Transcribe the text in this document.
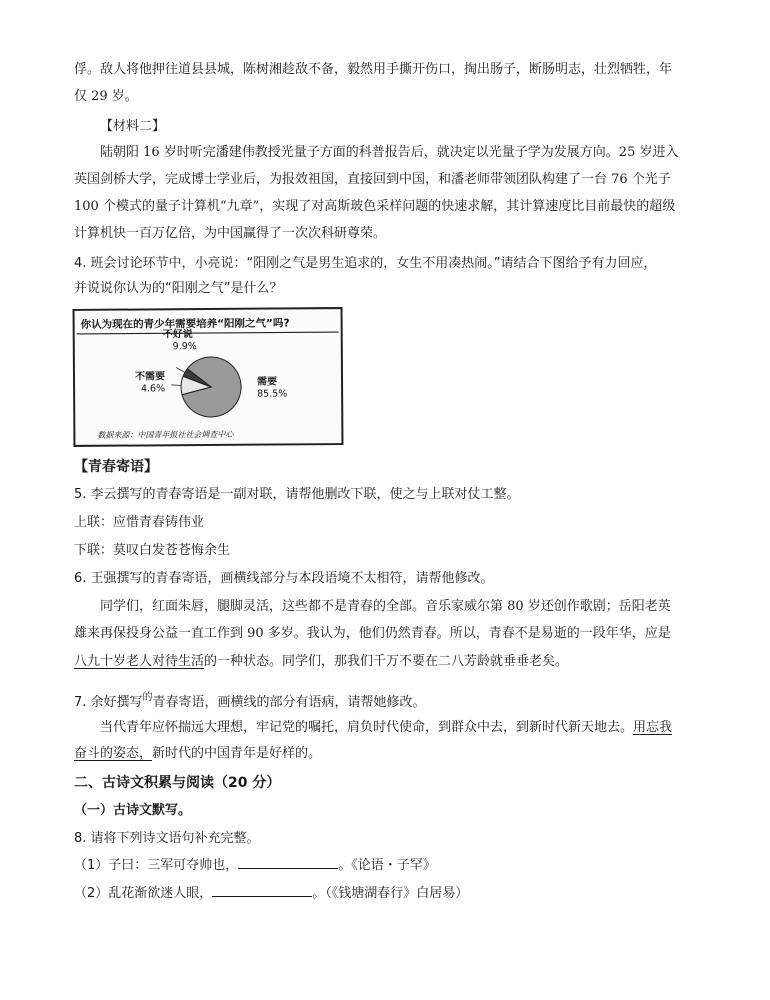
俘。敌人将他押往道县县城，陈树湘趁敌不备，毅然用手撕开伤口，掏出肠子，断肠明志，壮烈牺牲，年
仅 29 岁。
【材料二】
陆朝阳 16 岁时听完潘建伟教授光量子方面的科普报告后，就决定以光量子学为发展方向。25 岁进入
英国剑桥大学，完成博士学业后，为报效祖国，直接回到中国，和潘老师带领团队构建了一台 76 个光子
100 个模式的量子计算机“九章”，实现了对高斯玻色采样问题的快速求解，其计算速度比目前最快的超级
计算机快一百万亿倍，为中国赢得了一次次科研尊荣。
4. 班会讨论环节中，小亮说：“阳刚之气是男生追求的，女生不用凑热闹。”请结合下图给予有力回应，
并说说你认为的“阳刚之气”是什么？
你认为现在的青少年需要培养“阳刚之气”吗?
需要
85.5%
不好说
9.9%
不需要
4.6%
数据来源：中国青年报社社会调查中心
【青春寄语】
5. 李云撰写的青春寄语是一副对联，请帮他删改下联，使之与上联对仗工整。
上联：应惜青春铸伟业
下联：莫叹白发苍苍悔余生
6. 王强撰写的青春寄语，画横线部分与本段语境不太相符，请帮他修改。
同学们，红面朱唇，腿脚灵活，这些都不是青春的全部。音乐家威尔第 80 岁还创作歌剧；岳阳老英
雄来再保投身公益一直工作到 90 多岁。我认为，他们仍然青春。所以，青春不是易逝的一段年华，应是
八九十岁老人对待生活的一种状态。同学们，那我们千万不要在二八芳龄就垂垂老矣。
7. 余好撰写$^的$青春寄语，画横线的部分有语病，请帮她修改。
当代青年应怀揣远大理想，牢记党的嘱托，肩负时代使命，到群众中去，到新时代新天地去。用忘我
奋斗的姿态，新时代的中国青年是好样的。
二、古诗文积累与阅读（20 分）
（一）古诗文默写。
8. 请将下列诗文语句补充完整。
（1）子曰：三军可夺帅也，	。《论语・子罕》
（2）乱花渐欲迷人眼，	。（《钱塘湖春行》白居易）
